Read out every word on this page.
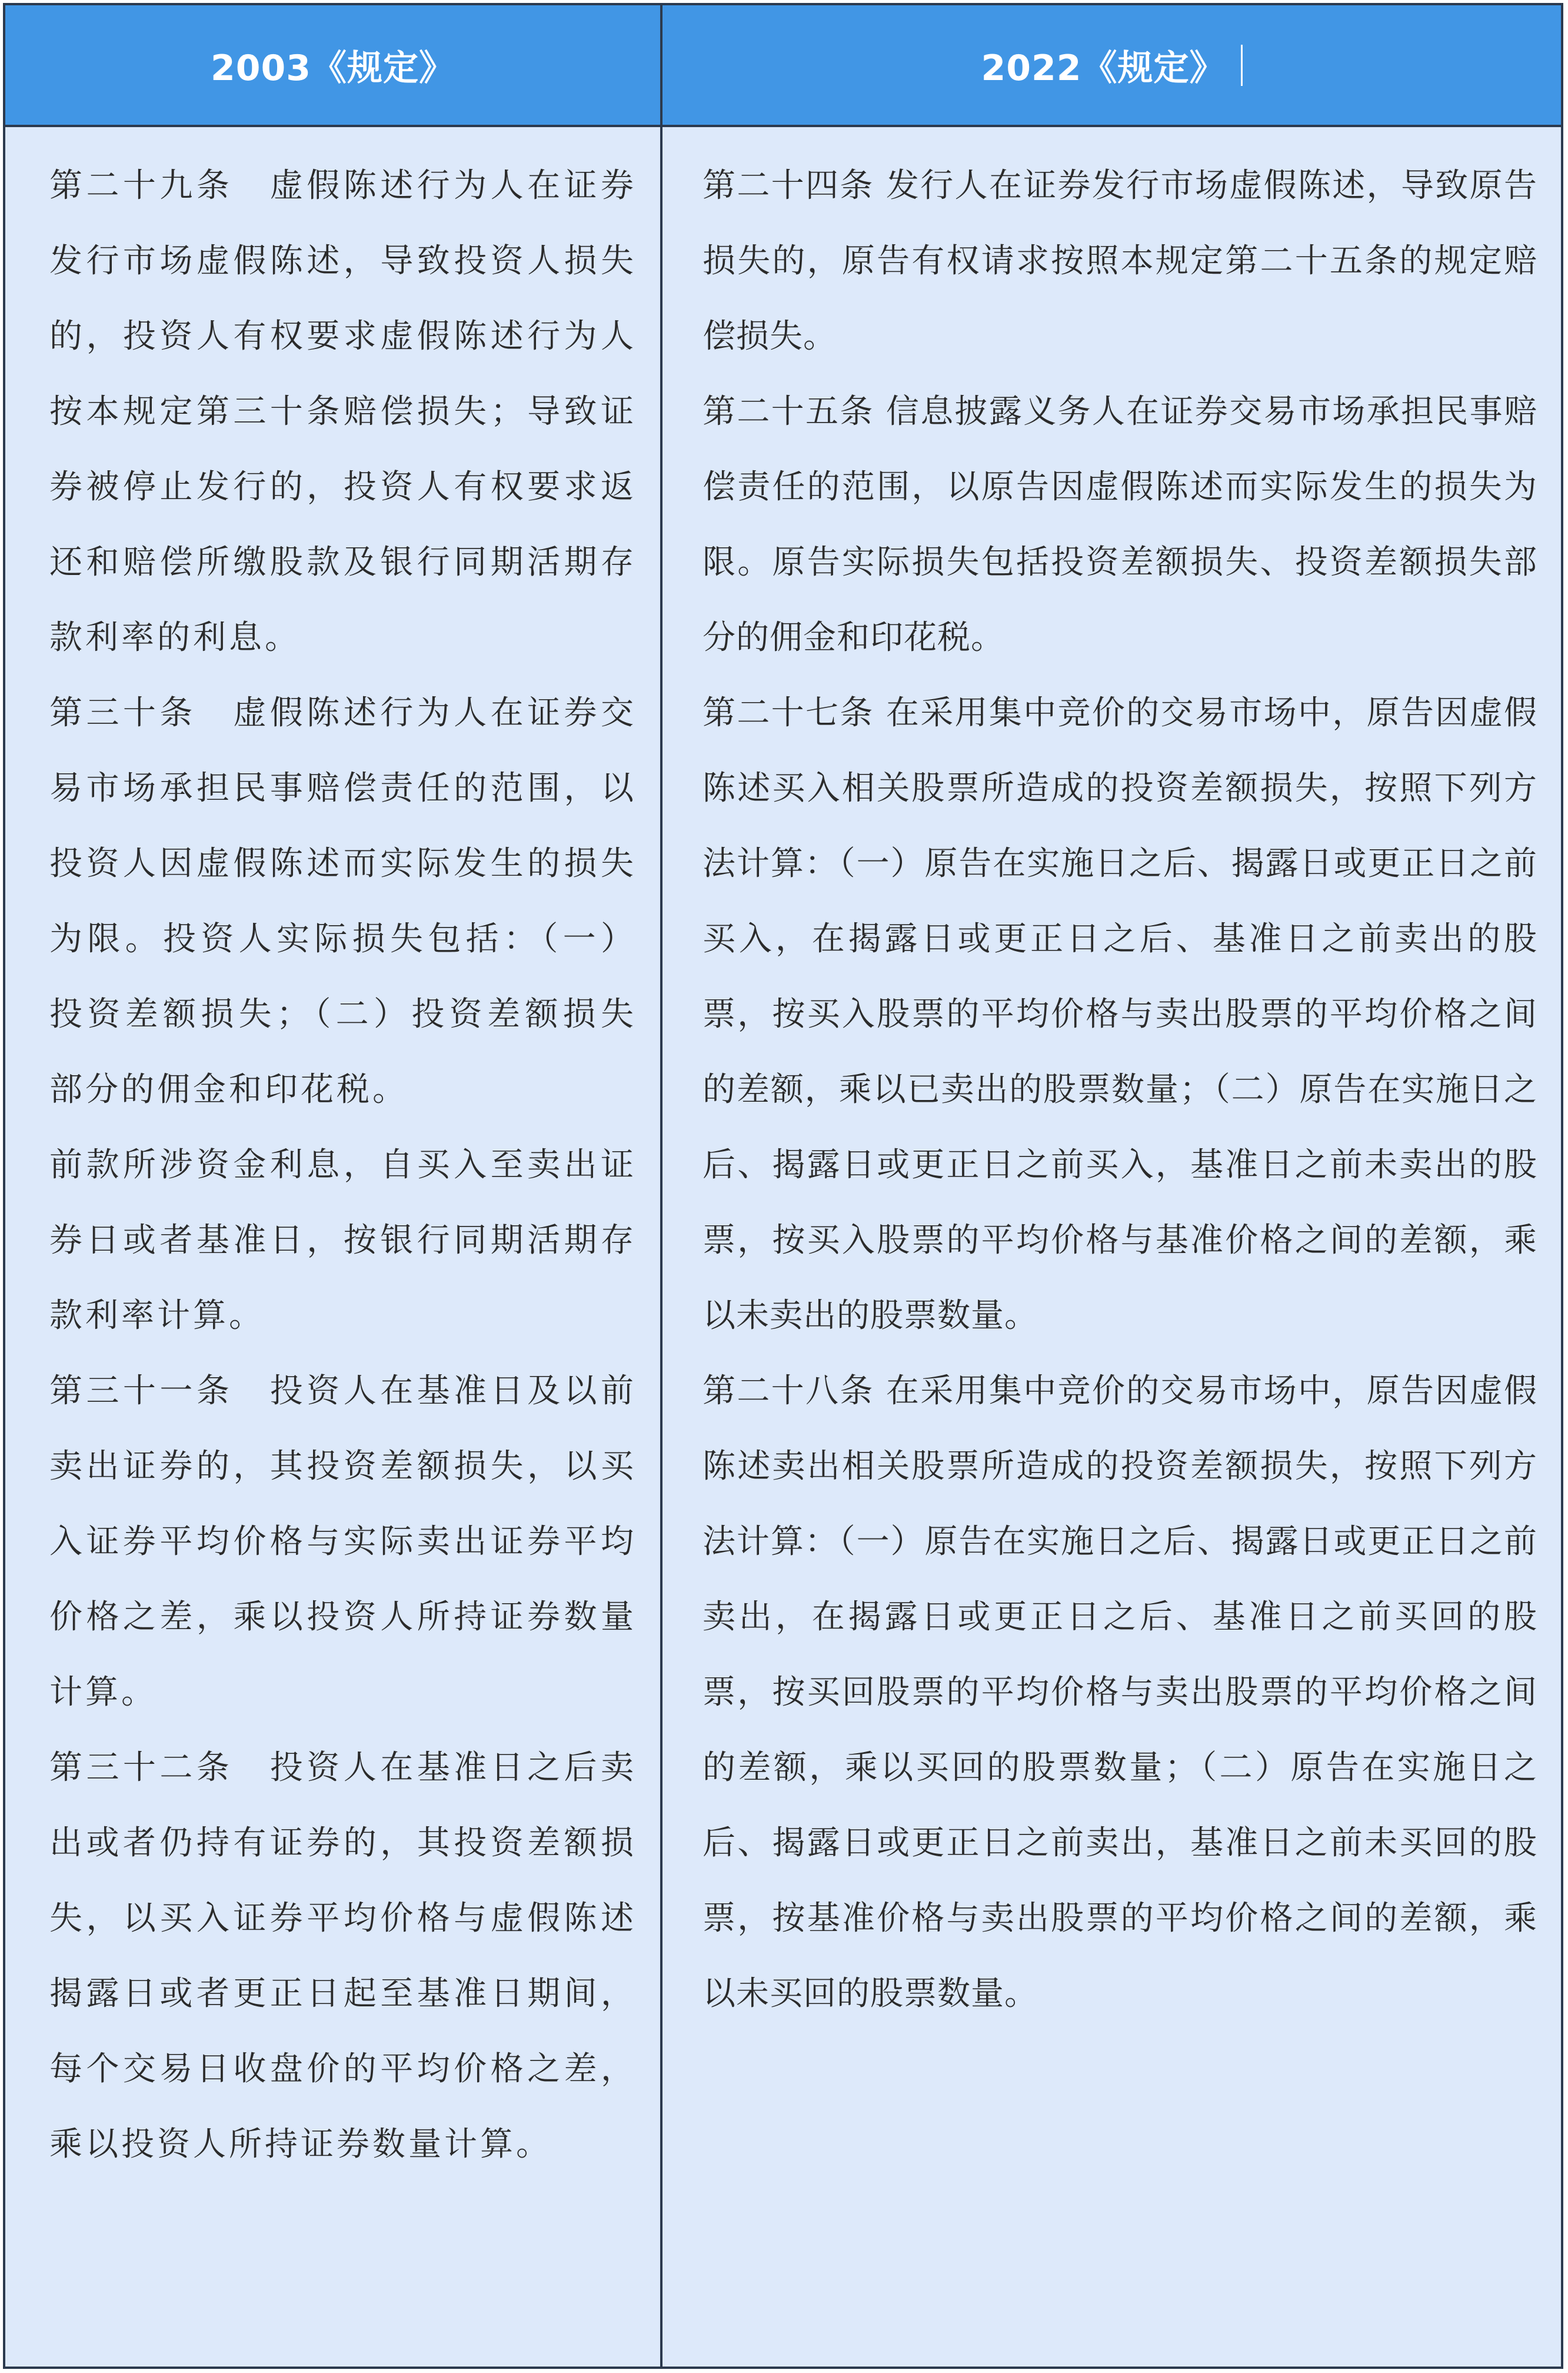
2003《规定》	2022《规定》

第二十九条　虚假陈述行为人在证券发行市场虚假陈述，导致投资人损失的，投资人有权要求虚假陈述行为人按本规定第三十条赔偿损失；导致证券被停止发行的，投资人有权要求返还和赔偿所缴股款及银行同期活期存款利率的利息。

第三十条　虚假陈述行为人在证券交易市场承担民事赔偿责任的范围，以投资人因虚假陈述而实际发生的损失为限。投资人实际损失包括：（一）投资差额损失；（二）投资差额损失部分的佣金和印花税。

前款所涉资金利息，自买入至卖出证券日或者基准日，按银行同期活期存款利率计算。

第三十一条　投资人在基准日及以前卖出证券的，其投资差额损失，以买入证券平均价格与实际卖出证券平均价格之差，乘以投资人所持证券数量计算。

第三十二条　投资人在基准日之后卖出或者仍持有证券的，其投资差额损失，以买入证券平均价格与虚假陈述揭露日或者更正日起至基准日期间，每个交易日收盘价的平均价格之差，乘以投资人所持证券数量计算。

第二十四条 发行人在证券发行市场虚假陈述，导致原告损失的，原告有权请求按照本规定第二十五条的规定赔偿损失。

第二十五条 信息披露义务人在证券交易市场承担民事赔偿责任的范围，以原告因虚假陈述而实际发生的损失为限。原告实际损失包括投资差额损失、投资差额损失部分的佣金和印花税。

第二十七条 在采用集中竞价的交易市场中，原告因虚假陈述买入相关股票所造成的投资差额损失，按照下列方法计算：（一）原告在实施日之后、揭露日或更正日之前买入，在揭露日或更正日之后、基准日之前卖出的股票，按买入股票的平均价格与卖出股票的平均价格之间的差额，乘以已卖出的股票数量；（二）原告在实施日之后、揭露日或更正日之前买入，基准日之前未卖出的股票，按买入股票的平均价格与基准价格之间的差额，乘以未卖出的股票数量。

第二十八条 在采用集中竞价的交易市场中，原告因虚假陈述卖出相关股票所造成的投资差额损失，按照下列方法计算：（一）原告在实施日之后、揭露日或更正日之前卖出，在揭露日或更正日之后、基准日之前买回的股票，按买回股票的平均价格与卖出股票的平均价格之间的差额，乘以买回的股票数量；（二）原告在实施日之后、揭露日或更正日之前卖出，基准日之前未买回的股票，按基准价格与卖出股票的平均价格之间的差额，乘以未买回的股票数量。
